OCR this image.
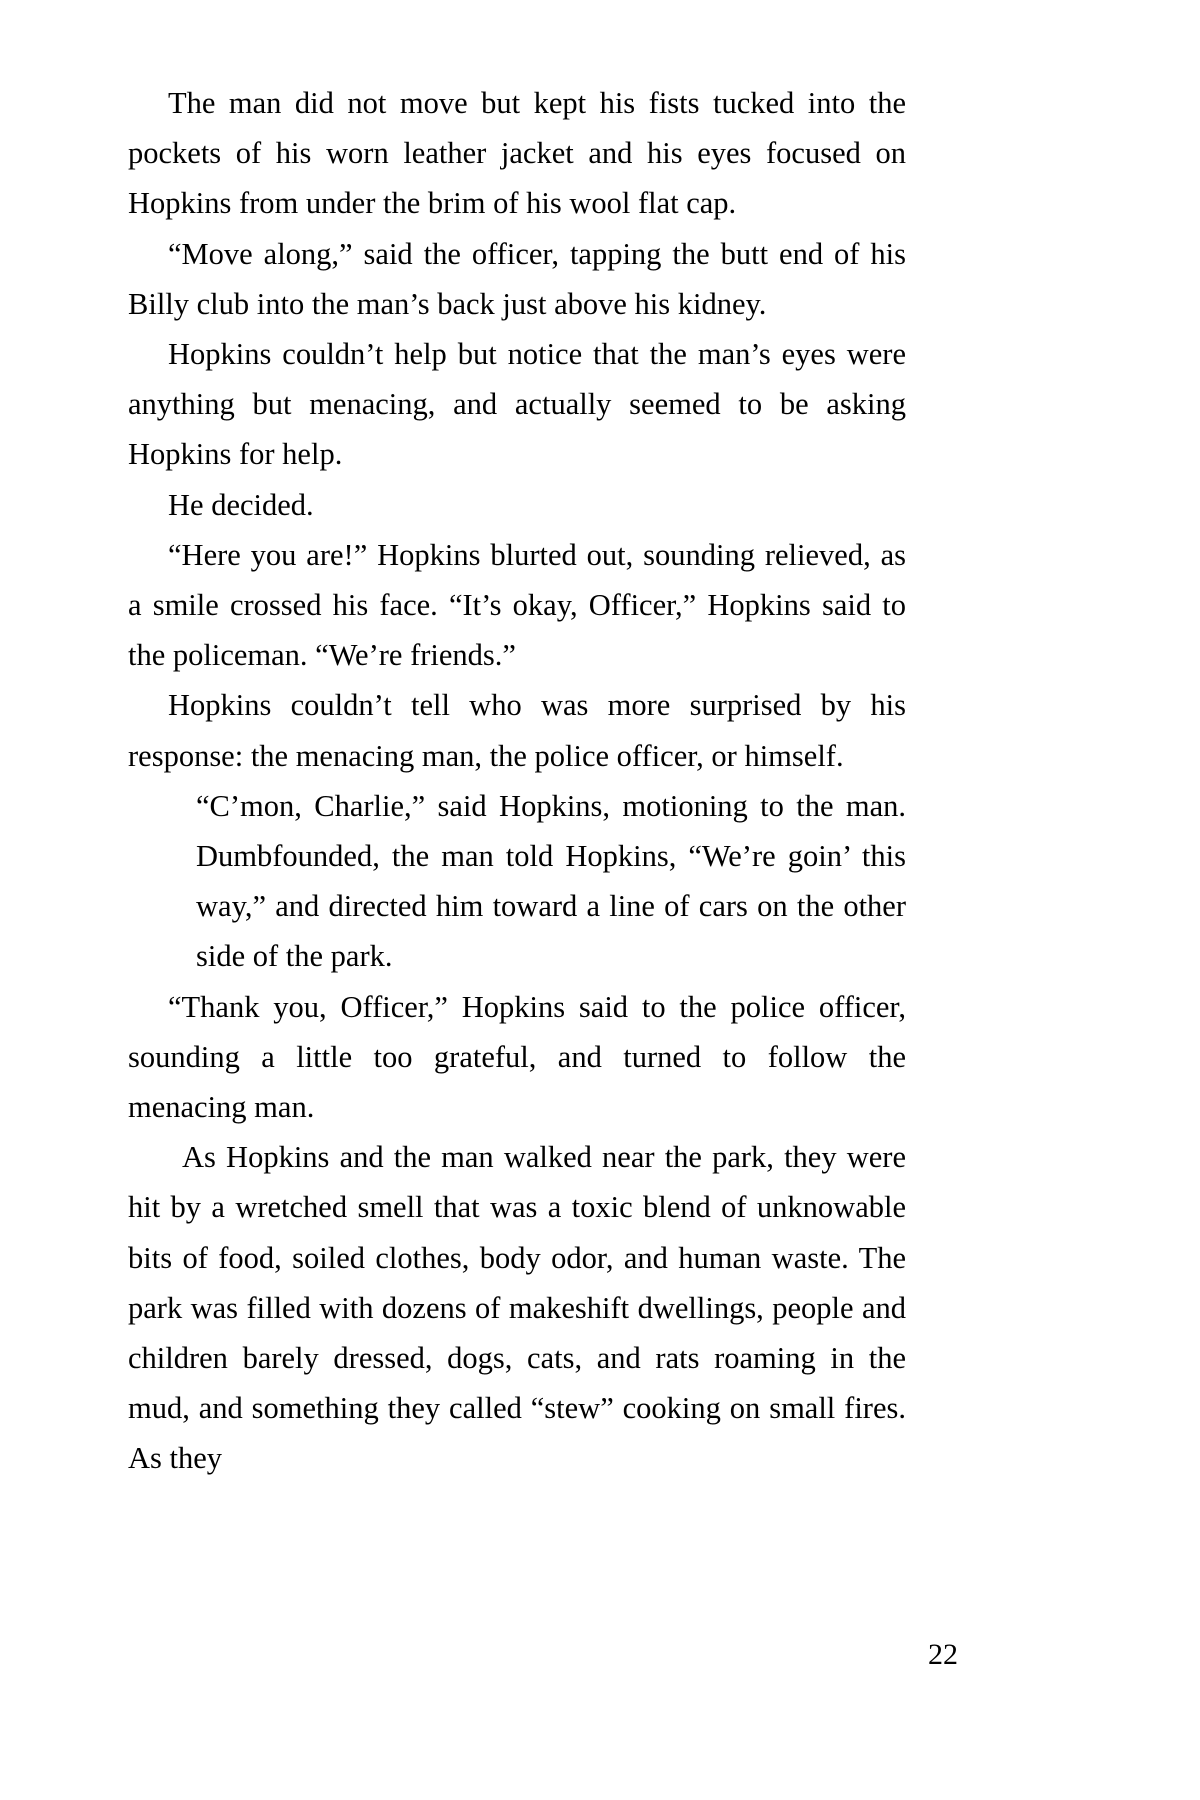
The man did not move but kept his fists tucked into the pockets of his worn leather jacket and his eyes focused on Hopkins from under the brim of his wool flat cap.

“Move along,” said the officer, tapping the butt end of his Billy club into the man’s back just above his kidney.

Hopkins couldn’t help but notice that the man’s eyes were anything but menacing, and actually seemed to be asking Hopkins for help.

He decided.

“Here you are!” Hopkins blurted out, sounding relieved, as a smile crossed his face. “It’s okay, Officer,” Hopkins said to the policeman. “We’re friends.”

Hopkins couldn’t tell who was more surprised by his response: the menacing man, the police officer, or himself.

“C’mon, Charlie,” said Hopkins, motioning to the man. Dumbfounded, the man told Hopkins, “We’re goin’ this way,” and directed him toward a line of cars on the other side of the park.

“Thank you, Officer,” Hopkins said to the police officer, sounding a little too grateful, and turned to follow the menacing man.

As Hopkins and the man walked near the park, they were hit by a wretched smell that was a toxic blend of unknowable bits of food, soiled clothes, body odor, and human waste. The park was filled with dozens of makeshift dwellings, people and children barely dressed, dogs, cats, and rats roaming in the mud, and something they called “stew” cooking on small fires. As they

22
